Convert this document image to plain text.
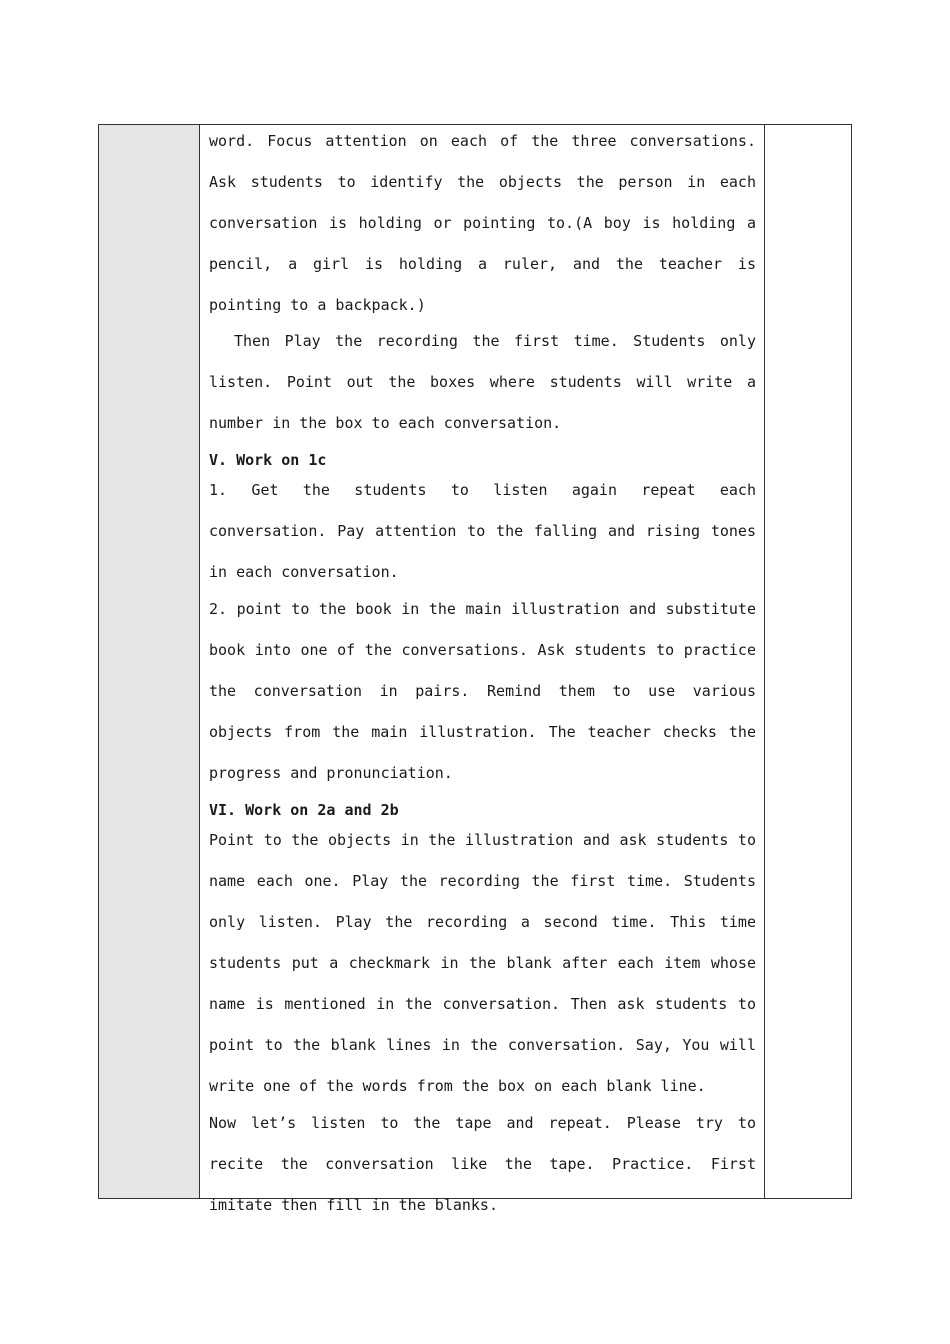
word. Focus attention on each of the three conversations. Ask students to identify the objects the person in each conversation is holding or pointing to.(A boy is holding a pencil, a girl is holding a ruler, and the teacher is pointing to a backpack.)

Then Play the recording the first time. Students only listen. Point out the boxes where students will write a number in the box to each conversation.

V. Work on 1c

1. Get the students to listen again repeat each conversation. Pay attention to the falling and rising tones in each conversation.

2. point to the book in the main illustration and substitute book into one of the conversations. Ask students to practice the conversation in pairs. Remind them to use various objects from the main illustration. The teacher checks the progress and pronunciation.

VI. Work on 2a and 2b

Point to the objects in the illustration and ask students to name each one. Play the recording the first time. Students only listen. Play the recording a second time. This time students put a checkmark in the blank after each item whose name is mentioned in the conversation. Then ask students to point to the blank lines in the conversation. Say, You will write one of the words from the box on each blank line.

Now let’s listen to the tape and repeat. Please try to recite the conversation like the tape. Practice. First imitate then fill in the blanks.
